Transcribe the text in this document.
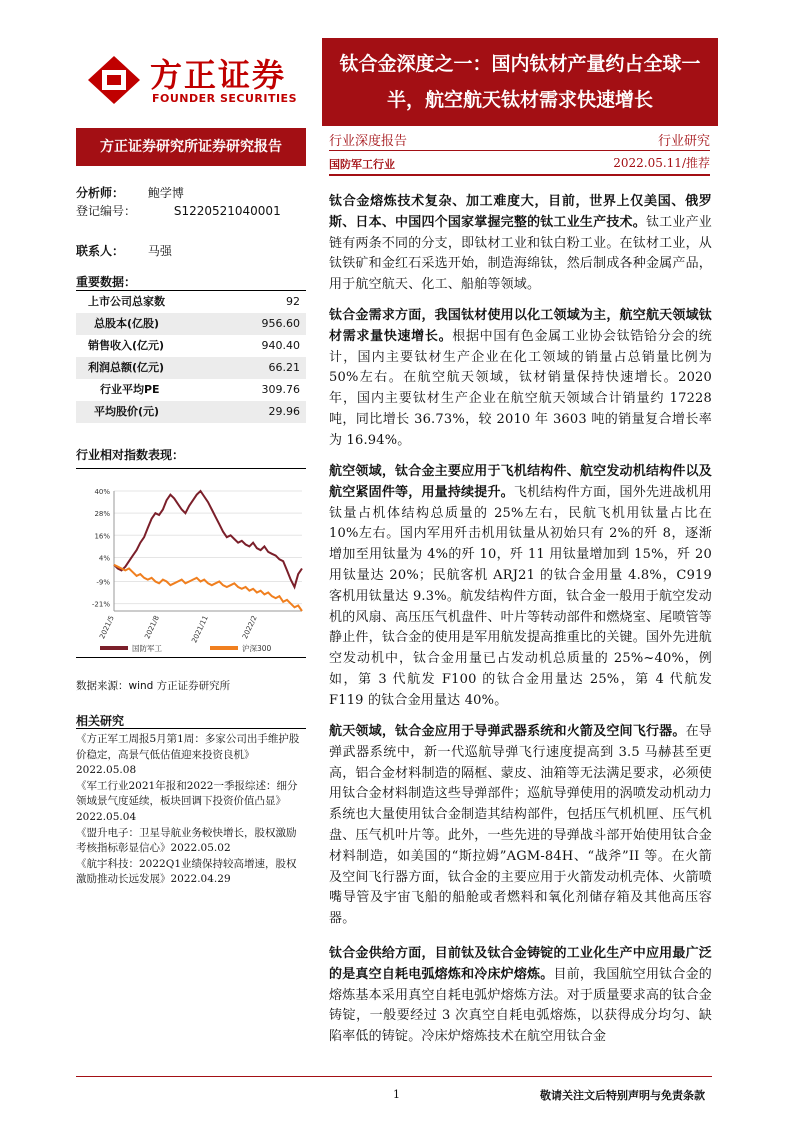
方正证券
FOUNDER SECURITIES
钛合金深度之一：国内钛材产量约占全球一
半，航空航天钛材需求快速增长
方正证券研究所证券研究报告	行业深度报告	行业研究
国防军工行业	2022.05.11/推荐
分析师： 鲍学博
登记编号：	S1220521040001
联系人： 马强
重要数据：
上市公司总家数	92
总股本(亿股)	956.60
销售收入(亿元)	940.40
利润总额(亿元)	66.21
行业平均PE	309.76
平均股价(元)	29.96
行业相对指数表现：
40%
28%
16%
4%
-9%
-21%
2021/5	2021/8	2021/11	2022/2
国防军工	沪深300
数据来源：wind 方正证券研究所
相关研究
《方正军工周报5月第1周：多家公司出手维护股价稳定，高景气低估值迎来投资良机》2022.05.08
《军工行业2021年报和2022一季报综述：细分领域景气度延续，板块回调下投资价值凸显》2022.05.04
《盟升电子：卫星导航业务較快增长，股权激励考核指标彰显信心》2022.05.02
《航宇科技：2022Q1业绩保持较高增速，股权激励推动长远发展》2022.04.29
钛合金熔炼技术复杂、加工难度大，目前，世界上仅美国、俄罗斯、日本、中国四个国家掌握完整的钛工业生产技术。钛工业产业链有两条不同的分支，即钛材工业和钛白粉工业。在钛材工业，从钛铁矿和金红石采选开始，制造海绵钛，然后制成各种金属产品，用于航空航天、化工、船舶等领域。
钛合金需求方面，我国钛材使用以化工领域为主，航空航天领域钛材需求量快速增长。根据中国有色金属工业协会钛锆铪分会的统计，国内主要钛材生产企业在化工领域的销量占总销量比例为 50%左右。在航空航天领域，钛材销量保持快速增长。2020 年，国内主要钛材生产企业在航空航天领域合计销量约 17228 吨，同比增长 36.73%，较 2010 年 3603 吨的销量复合增长率为 16.94%。
航空领域，钛合金主要应用于飞机结构件、航空发动机结构件以及航空紧固件等，用量持续提升。飞机结构件方面，国外先进战机用钛量占机体结构总质量的 25%左右，民航飞机用钛量占比在 10%左右。国内军用歼击机用钛量从初始只有 2%的歼 8，逐渐增加至用钛量为 4%的歼 10，歼 11 用钛量增加到 15%，歼 20 用钛量达 20%；民航客机 ARJ21 的钛合金用量 4.8%，C919 客机用钛量达 9.3%。航发结构件方面，钛合金一般用于航空发动机的风扇、高压压气机盘件、叶片等转动部件和燃烧室、尾喷管等静止件，钛合金的使用是军用航发提高推重比的关键。国外先进航空发动机中，钛合金用量已占发动机总质量的 25%~40%，例如，第 3 代航发 F100 的钛合金用量达 25%，第 4 代航发 F119 的钛合金用量达 40%。
航天领域，钛合金应用于导弹武器系统和火箭及空间飞行器。在导弹武器系统中，新一代巡航导弹飞行速度提高到 3.5 马赫甚至更高，铝合金材料制造的隔框、蒙皮、油箱等无法满足要求，必须使用钛合金材料制造这些导弹部件；巡航导弹使用的涡喷发动机动力系统也大量使用钛合金制造其结构部件，包括压气机机匣、压气机盘、压气机叶片等。此外，一些先进的导弹战斗部开始使用钛合金材料制造，如美国的“斯拉姆”AGM-84H、“战斧”II 等。在火箭及空间飞行器方面，钛合金的主要应用于火箭发动机壳体、火箭喷嘴导管及宇宙飞船的船舱或者燃料和氧化剂储存箱及其他高压容器。
钛合金供给方面，目前钛及钛合金铸锭的工业化生产中应用最广泛的是真空自耗电弧熔炼和冷床炉熔炼。目前，我国航空用钛合金的熔炼基本采用真空自耗电弧炉熔炼方法。对于质量要求高的钛合金铸锭，一般要经过 3 次真空自耗电弧熔炼，以获得成分均匀、缺陷率低的铸锭。冷床炉熔炼技术在航空用钛合金
1	敬请关注文后特别声明与免责条款
